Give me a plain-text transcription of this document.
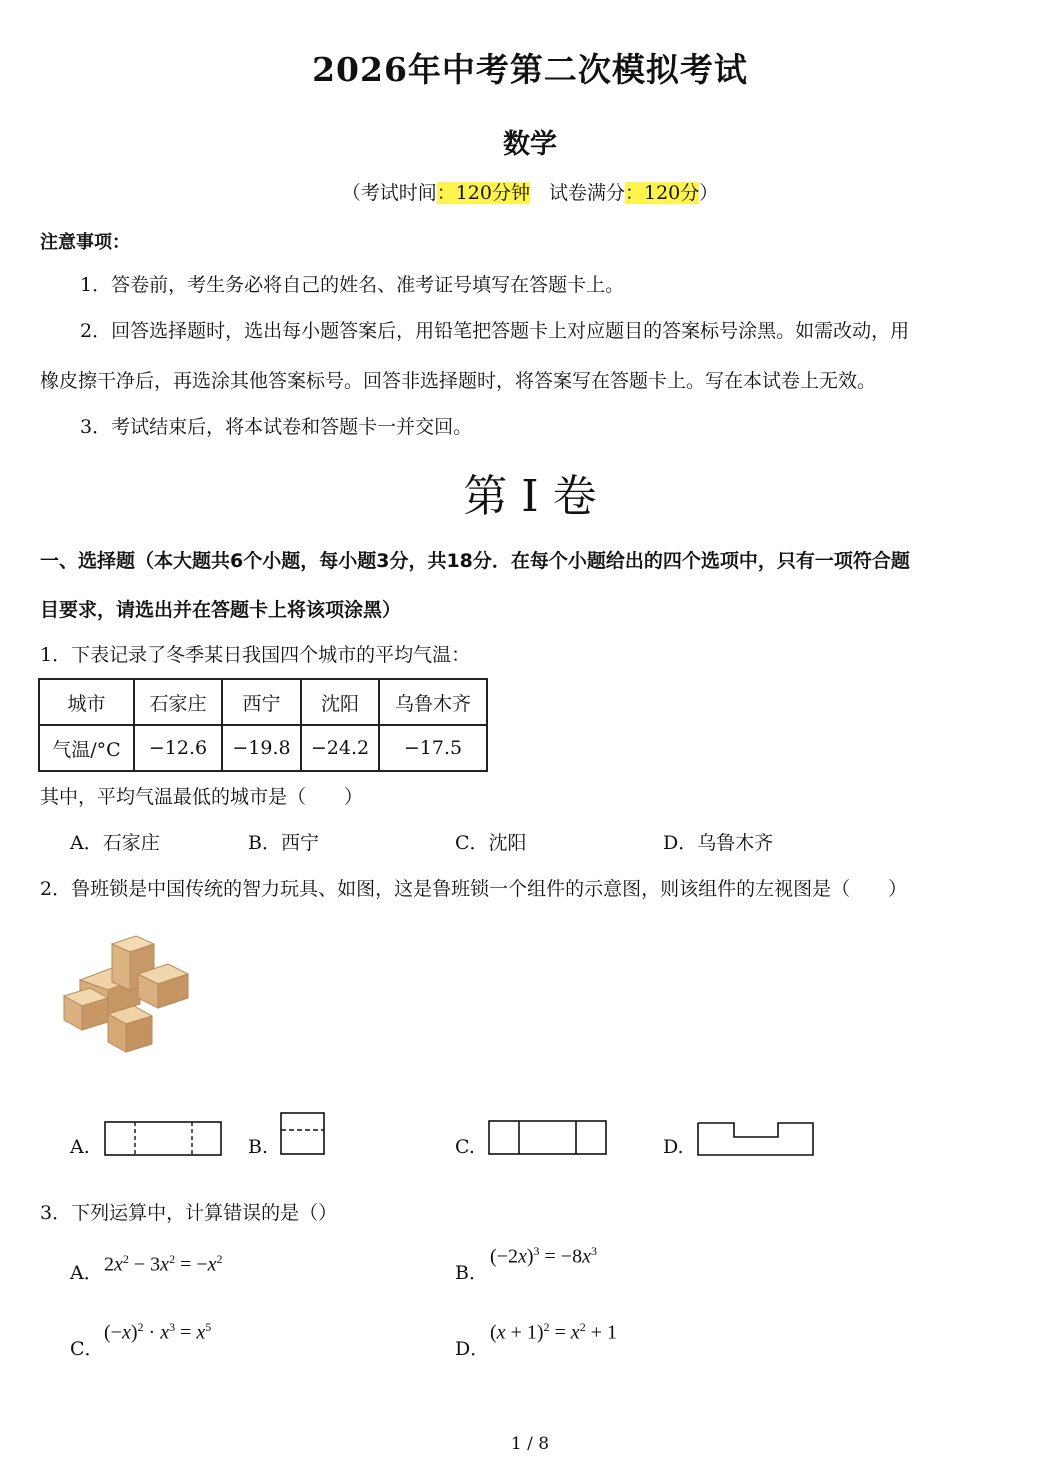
2026年中考第二次模拟考试
数学
（考试时间：120分钟　试卷满分：120分）
注意事项：
1．答卷前，考生务必将自己的姓名、准考证号填写在答题卡上。
2．回答选择题时，选出每小题答案后，用铅笔把答题卡上对应题目的答案标号涂黑。如需改动，用
橡皮擦干净后，再选涂其他答案标号。回答非选择题时，将答案写在答题卡上。写在本试卷上无效。
3．考试结束后，将本试卷和答题卡一并交回。
第 I 卷
一、选择题（本大题共6个小题，每小题3分，共18分．在每个小题给出的四个选项中，只有一项符合题
目要求，请选出并在答题卡上将该项涂黑）
1．下表记录了冬季某日我国四个城市的平均气温：
城市	石家庄	西宁	沈阳	乌鲁木齐
气温/°C	−12.6	−19.8	−24.2	−17.5
其中，平均气温最低的城市是（　　）
A．石家庄	B．西宁	C．沈阳	D．乌鲁木齐
2．鲁班锁是中国传统的智力玩具、如图，这是鲁班锁一个组件的示意图，则该组件的左视图是（　　）
A.	B.	C.	D.
3．下列运算中，计算错误的是（）
A． $2x^2 - 3x^2 = -x^2$
B．
$(-2x)^3 = -8x^3$
C．
$(-x)^2 \cdot x^3 = x^5$
D．
$(x + 1)^2 = x^2 + 1$
1 / 8
